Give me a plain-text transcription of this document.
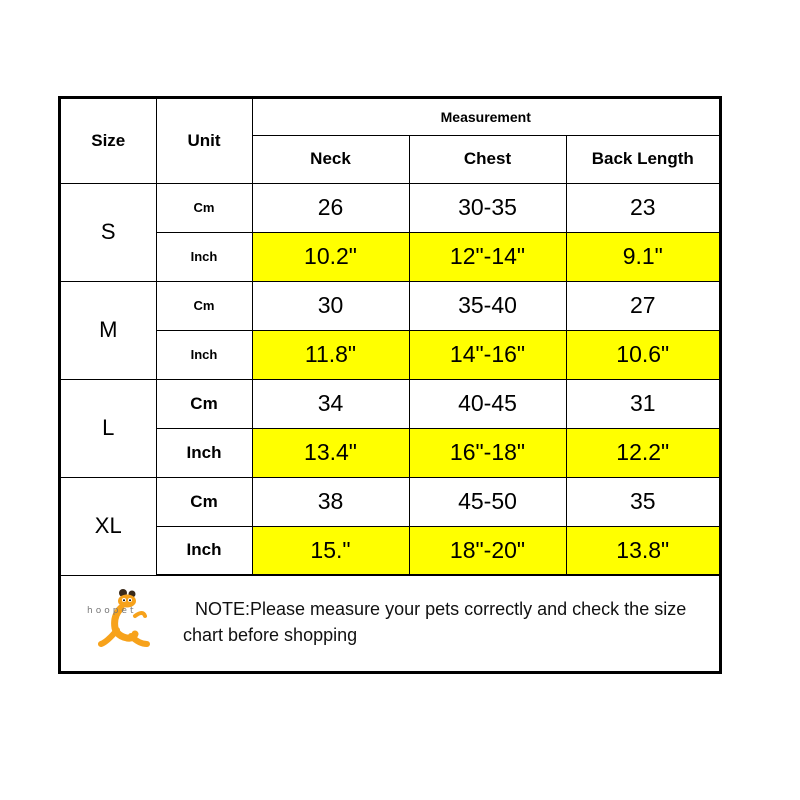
Size	Unit	Measurement		
		Neck	Chest	Back Length
S	Cm	26	30-35	23
	Inch	10.2"	12"-14"	9.1"
M	Cm	30	35-40	27
	Inch	11.8"	14"-16"	10.6"
L	Cm	34	40-45	31
	Inch	13.4"	16"-18"	12.2"
XL	Cm	38	45-50	35
	Inch	15."	18"-20"	13.8"
hoopet	NOTE:Please measure your pets correctly and check the size chart before shopping
